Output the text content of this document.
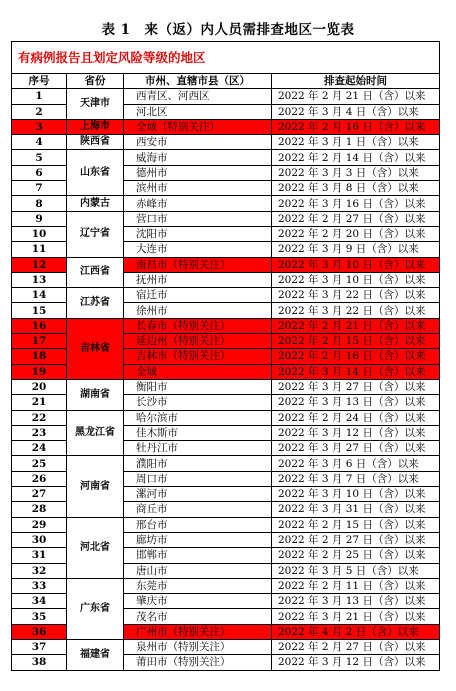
表 1　来（返）内人员需排查地区一览表
有病例报告且划定风险等级的地区			
序号	省份	市州、直辖市县（区）	排查起始时间
1	天津市	西青区、河西区	2022 年 2 月 21 日（含）以来
2		河北区	2022 年 3 月 4 日（含）以来
3	上海市	全域（特别关注）	2022 年 2 月 16 日（含）以来
4	陕西省	西安市	2022 年 3 月 1 日（含）以来
5	山东省	威海市	2022 年 2 月 14 日（含）以来
6		德州市	2022 年 3 月 3 日（含）以来
7		滨州市	2022 年 3 月 8 日（含）以来
8	内蒙古	赤峰市	2022 年 3 月 16 日（含）以来
9	辽宁省	营口市	2022 年 2 月 27 日（含）以来
10		沈阳市	2022 年 2 月 20 日（含）以来
11		大连市	2022 年 3 月 9 日（含）以来
12	江西省	南昌市（特别关注）	2022 年 3 月 10 日（含）以来
13		抚州市	2022 年 3 月 10 日（含）以来
14	江苏省	宿迁市	2022 年 3 月 22 日（含）以来
15		徐州市	2022 年 3 月 22 日（含）以来
16	吉林省	长春市（特别关注）	2022 年 2 月 21 日（含）以来
17		延边州（特别关注）	2022 年 2 月 15 日（含）以来
18		吉林市（特别关注）	2022 年 2 月 16 日（含）以来
19		全域	2022 年 3 月 14 日（含）以来
20	湖南省	衡阳市	2022 年 3 月 27 日（含）以来
21		长沙市	2022 年 3 月 13 日（含）以来
22	黑龙江省	哈尔滨市	2022 年 2 月 24 日（含）以来
23		佳木斯市	2022 年 3 月 12 日（含）以来
24		牡丹江市	2022 年 3 月 27 日（含）以来
25	河南省	濮阳市	2022 年 3 月 6 日（含）以来
26		周口市	2022 年 3 月 7 日（含）以来
27		漯河市	2022 年 3 月 10 日（含）以来
28		商丘市	2022 年 3 月 31 日（含）以来
29	河北省	邢台市	2022 年 2 月 15 日（含）以来
30		廊坊市	2022 年 2 月 27 日（含）以来
31		邯郸市	2022 年 2 月 25 日（含）以来
32		唐山市	2022 年 3 月 5 日（含）以来
33	广东省	东莞市	2022 年 2 月 11 日（含）以来
34		肇庆市	2022 年 3 月 13 日（含）以来
35		茂名市	2022 年 3 月 21 日（含）以来
36		广州市（特别关注）	2022 年 4 月 2 日（含）以来
37	福建省	泉州市（特别关注）	2022 年 2 月 27 日（含）以来
38		莆田市（特别关注）	2022 年 3 月 12 日（含）以来
